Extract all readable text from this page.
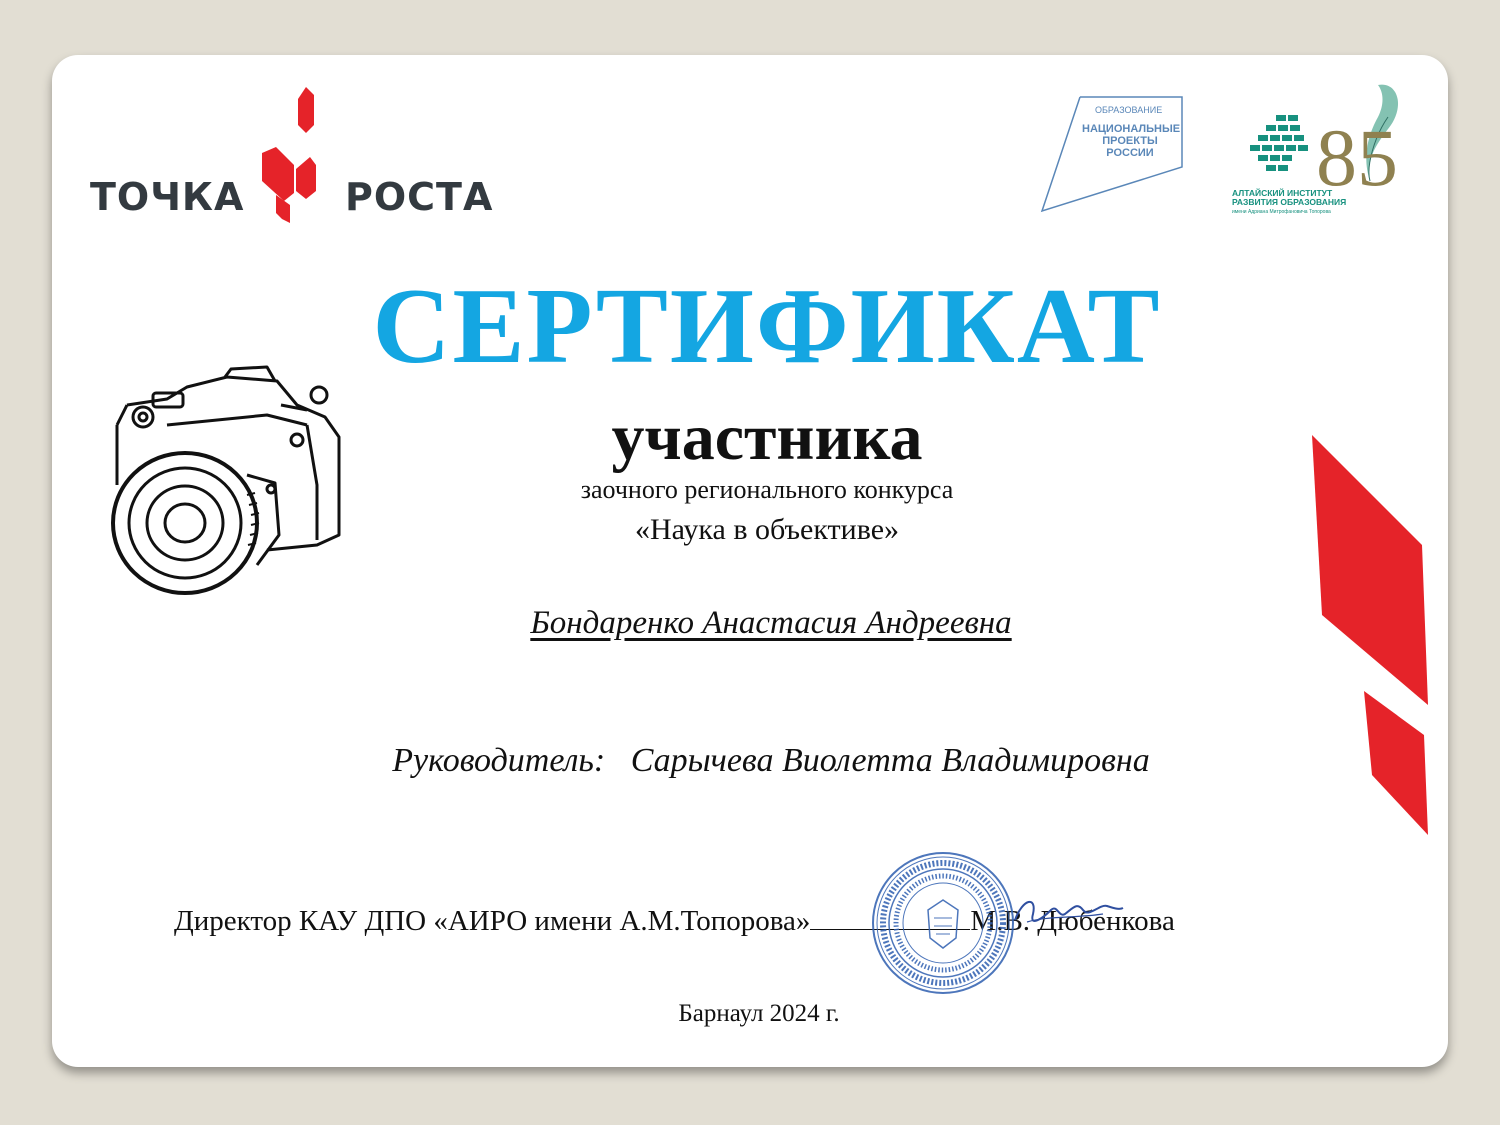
ТОЧКА	РОСТА
ОБРАЗОВАНИЕ
НАЦИОНАЛЬНЫЕ
ПРОЕКТЫ
РОССИИ 85
АЛТАЙСКИЙ ИНСТИТУТ
РАЗВИТИЯ ОБРАЗОВАНИЯ
имени Адриана Митрофановича Топорова
СЕРТИФИКАТ
участника
заочного регионального конкурса
«Наука в объективе»
Бондаренко Анастасия Андреевна
Руководитель: Сарычева Виолетта Владимировна
Директор КАУ ДПО «АИРО имени А.М.Топорова»	М.В. Дюбенкова
Барнаул 2024 г.
